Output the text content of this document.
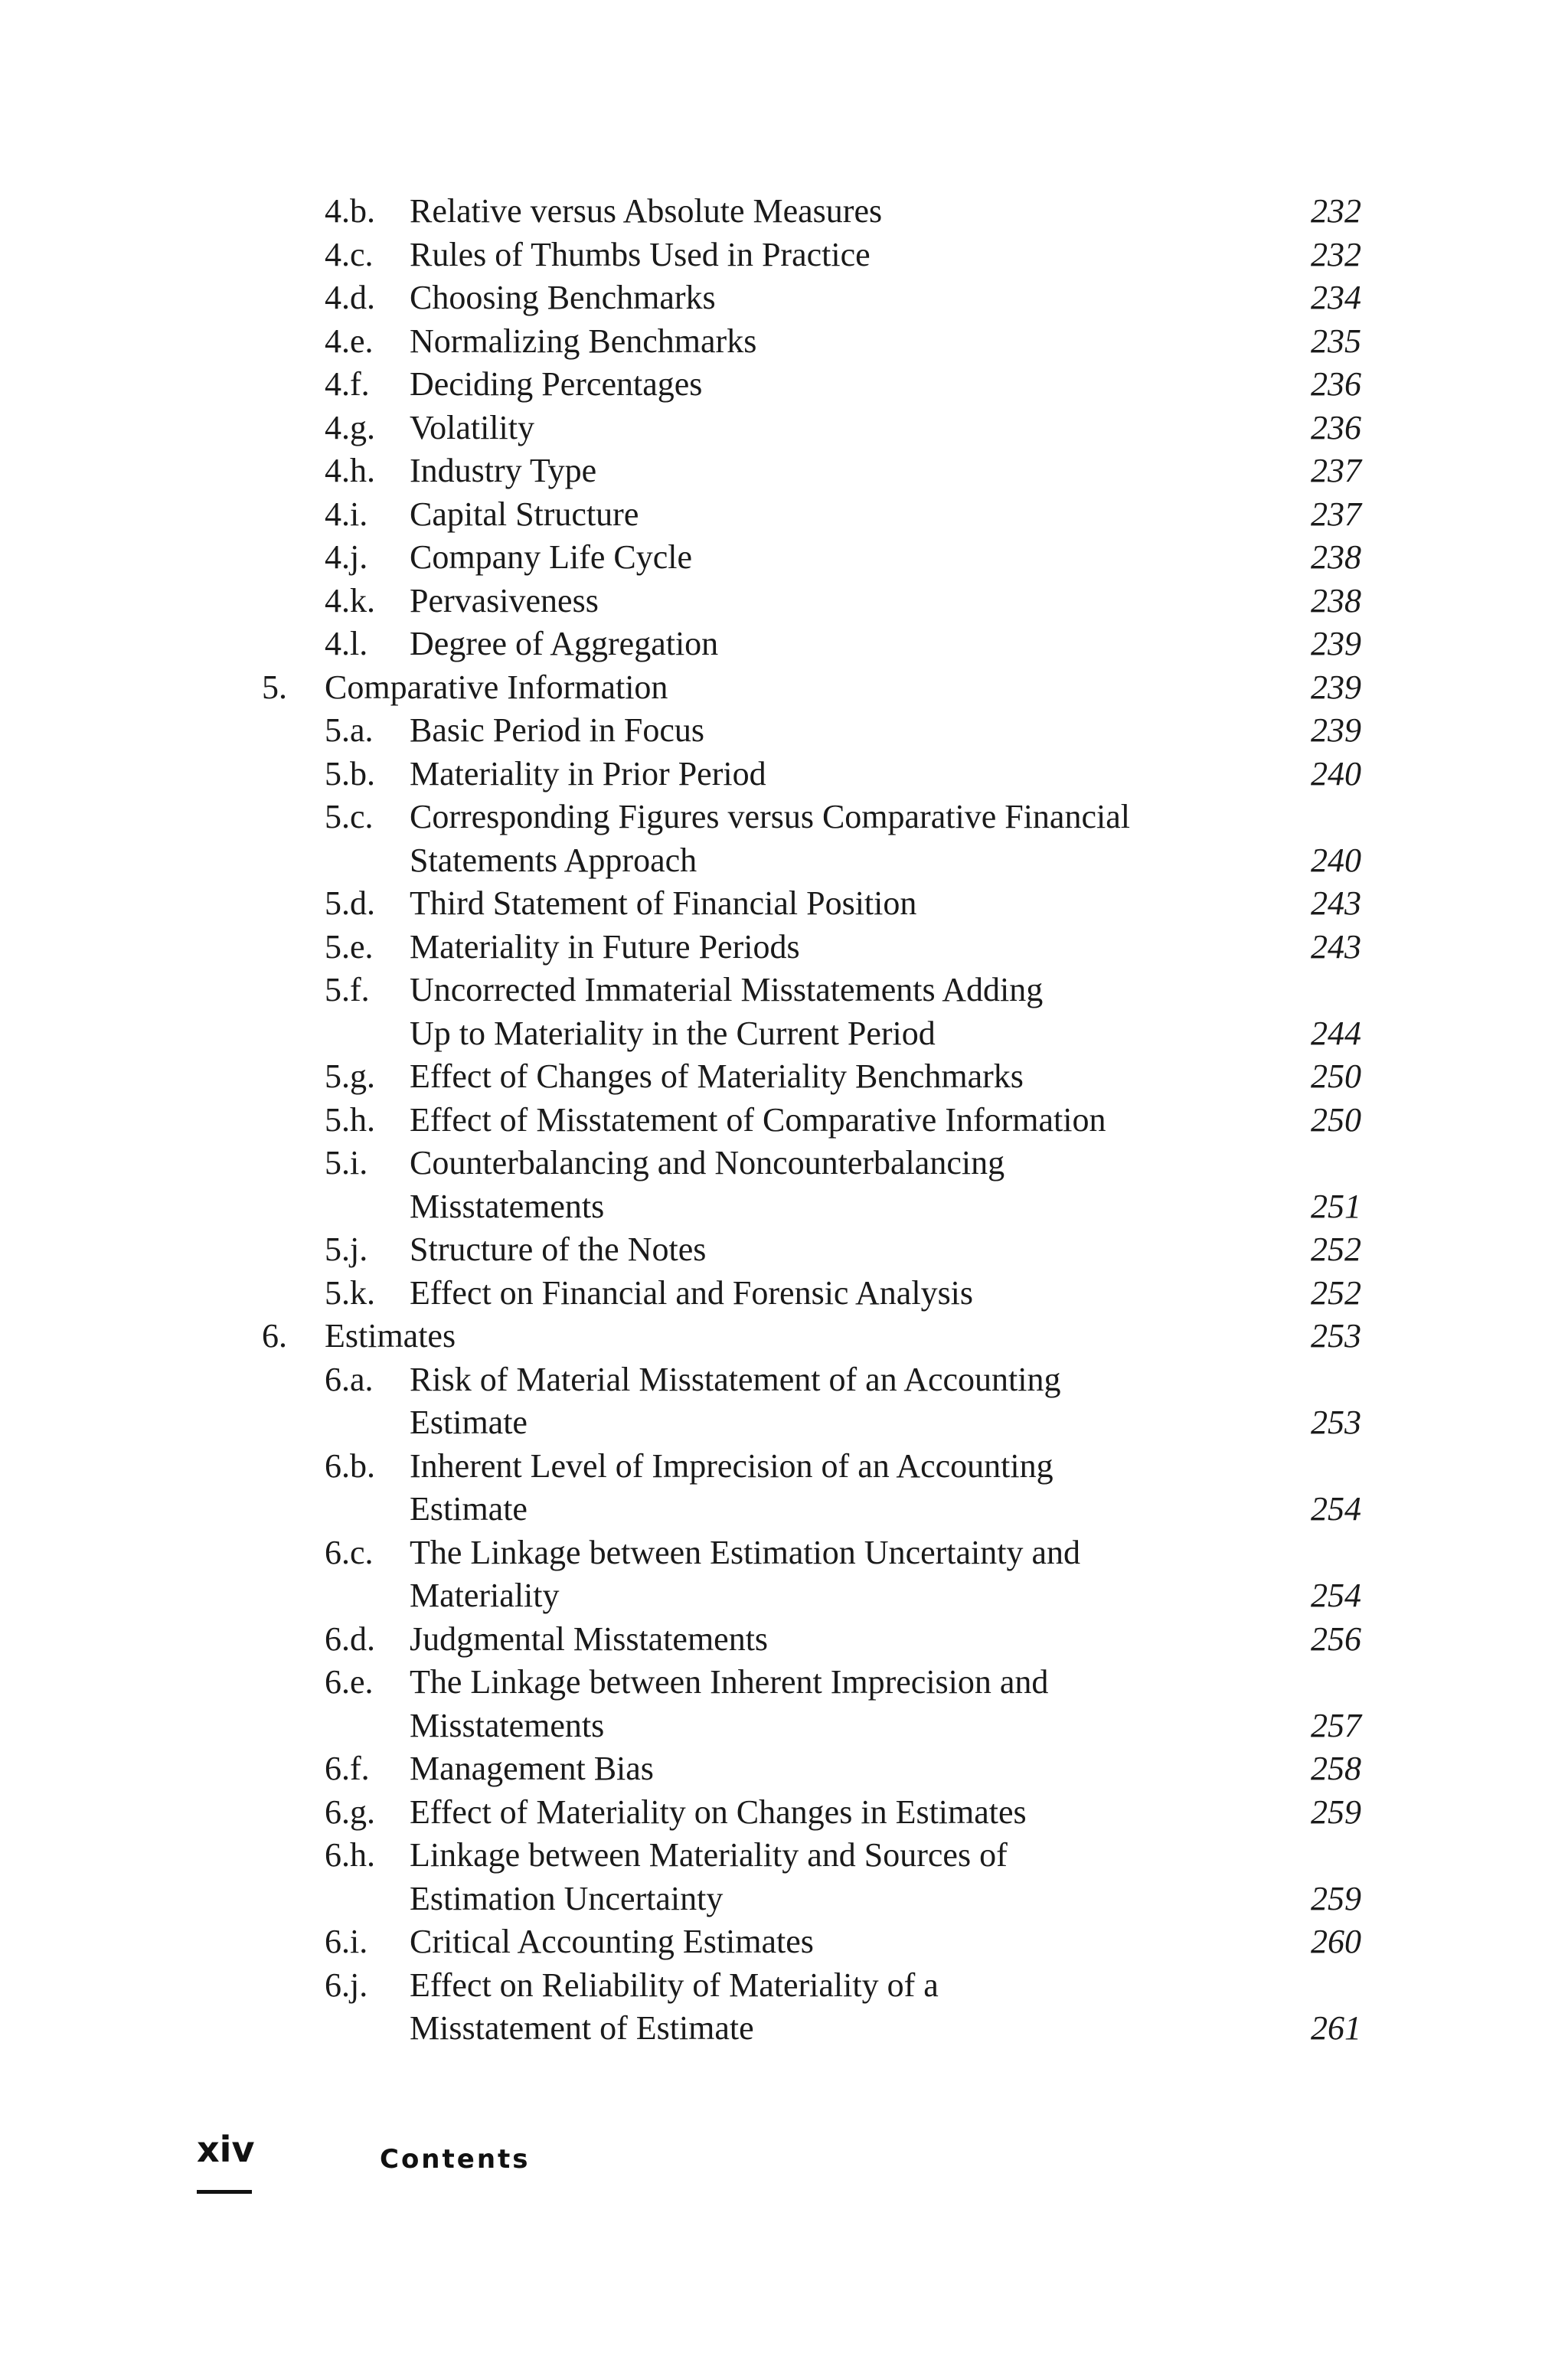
4.b. Relative versus Absolute Measures	232
4.c. Rules of Thumbs Used in Practice	232
4.d. Choosing Benchmarks	234
4.e. Normalizing Benchmarks	235
4.f. Deciding Percentages	236
4.g. Volatility	236
4.h. Industry Type	237
4.i. Capital Structure	237
4.j. Company Life Cycle	238
4.k. Pervasiveness	238
4.l. Degree of Aggregation	239
5. Comparative Information	239
5.a. Basic Period in Focus	239
5.b. Materiality in Prior Period	240
5.c. Corresponding Figures versus Comparative Financial
Statements Approach	240
5.d. Third Statement of Financial Position	243
5.e. Materiality in Future Periods	243
5.f. Uncorrected Immaterial Misstatements Adding
Up to Materiality in the Current Period	244
5.g. Effect of Changes of Materiality Benchmarks	250
5.h. Effect of Misstatement of Comparative Information	250
5.i. Counterbalancing and Noncounterbalancing
Misstatements	251
5.j. Structure of the Notes	252
5.k. Effect on Financial and Forensic Analysis	252
6. Estimates	253
6.a. Risk of Material Misstatement of an Accounting
Estimate	253
6.b. Inherent Level of Imprecision of an Accounting
Estimate	254
6.c. The Linkage between Estimation Uncertainty and
Materiality	254
6.d. Judgmental Misstatements	256
6.e. The Linkage between Inherent Imprecision and
Misstatements	257
6.f. Management Bias	258
6.g. Effect of Materiality on Changes in Estimates	259
6.h. Linkage between Materiality and Sources of
Estimation Uncertainty	259
6.i. Critical Accounting Estimates	260
6.j. Effect on Reliability of Materiality of a
Misstatement of Estimate	261
xiv	Contents
